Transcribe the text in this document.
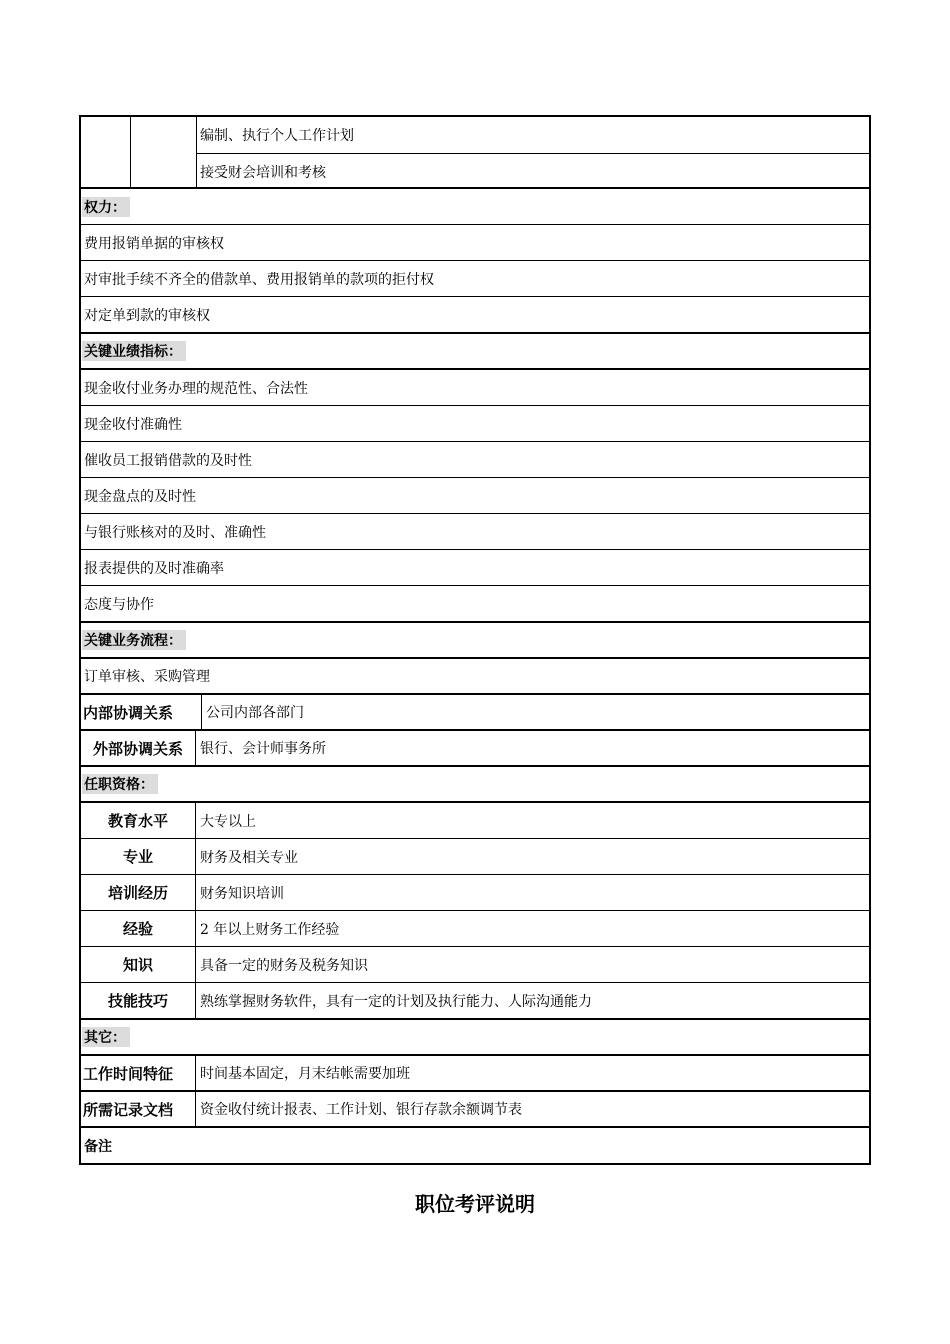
编制、执行个人工作计划
接受财会培训和考核
权力：
费用报销单据的审核权
对审批手续不齐全的借款单、费用报销单的款项的拒付权
对定单到款的审核权
关键业绩指标：
现金收付业务办理的规范性、合法性
现金收付准确性
催收员工报销借款的及时性
现金盘点的及时性
与银行账核对的及时、准确性
报表提供的及时准确率
态度与协作
关键业务流程：
订单审核、采购管理
内部协调关系	公司内部各部门
外部协调关系	银行、会计师事务所
任职资格：
教育水平	大专以上
专业	财务及相关专业
培训经历	财务知识培训
经验	2 年以上财务工作经验
知识	具备一定的财务及税务知识
技能技巧	熟练掌握财务软件，具有一定的计划及执行能力、人际沟通能力
其它：
工作时间特征	时间基本固定，月末结帐需要加班
所需记录文档	资金收付统计报表、工作计划、银行存款余额调节表
备注
职位考评说明
